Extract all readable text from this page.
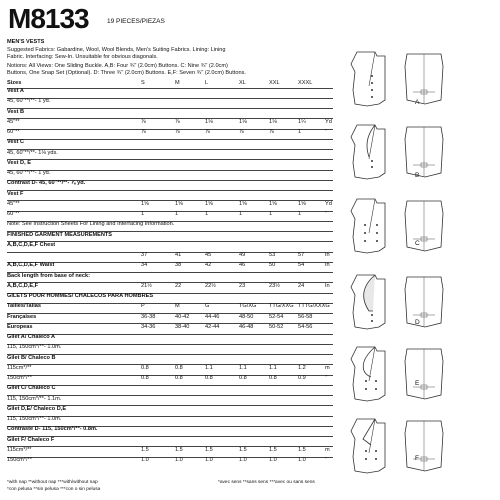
M8133	19 PIECES/PIEZAS
MEN'S VESTS
Suggested Fabrics: Gabardine, Wool, Wool Blends, Men's Suiting Fabrics. Lining: Lining
Fabric. Interfacing: Sew-In. Unsuitable for obvious diagonals.
Notions: All Views: One Sliding Buckle. A,B: Four ¾" (2.0cm) Buttons. C: Nine ¾" (2.0cm)
Buttons, One Snap Set (Optional). D: Three ¾" (2.0cm) Buttons. E,F: Seven ¾" (2.0cm) Buttons.
Sizes	S	M	L	XL	XXL	XXXL
Vest A
45, 60"**/**- 1 yd.
Vest B
45"**	⅞	⅞	1⅛	1⅛	1⅛	1¼	Yd
60"**	⅞	⅞	⅞	⅞	⅞	1	"
Vest C
45, 60"**/**- 1⅛ yds.
Vest D, E
45, 60"**/**- 1 yd.
Contrast D- 45, 60"**/**- ⅞ yd.
Vest F
45"**	1⅝	1⅝	1⅝	1⅝	1⅝	1⅝	Yd
60"**	1	1	1	1	1	1	"
Note: See Instruction Sheets For Lining and Interfacing Information.
FINISHED GARMENT MEASUREMENTS
A,B,C,D,E,F Chest
37	41	45	49	53	57	In
A,B,C,D,E,F Waist	34	38	42	46	50	54	In
Back length from base of neck:
A,B,C,D,E,F	21½	22	22½	23	23½	24	In
GILETS POUR HOMMES/ CHALECOS PARA HOMBRES
Tailles/Tallas	P	M	G	TG/XG TTG/XXG TTTG/XXXG
Françaises	36-38	40-42	44-46	48-50	52-54	56-58
Europeas	34-36	38-40	42-44	46-48	50-52	54-56
Gilet A/ Chaleco A
115, 150cm*/**- 1.0m.
Gilet B/ Chaleco B
115cm*/**	0.8	0.8	1.1	1.1	1.1	1.2	m
150cm*/**	0.8	0.8	0.8	0.8	0.8	0.9	"
Gilet C/ Chaleco C
115, 150cm*/**- 1.1m.
Gilet D,E/ Chaleco D,E
115, 150cm*/**- 1.0m.
Contraste D- 115, 150cm*/**- 0.8m.
Gilet F/ Chaleco F
115cm*/**	1.5	1.5	1.5	1.5	1.5	1.5	m
150cm*/**	1.0	1.0	1.0	1.0	1.0	1.0	"
*with nap **without nap ***with/without nap
*con pelusa **sin pelusa ***con o sin pelusa
*avec sens **sans sens ***avec ou sans sens
A
B
C
D
E
F
